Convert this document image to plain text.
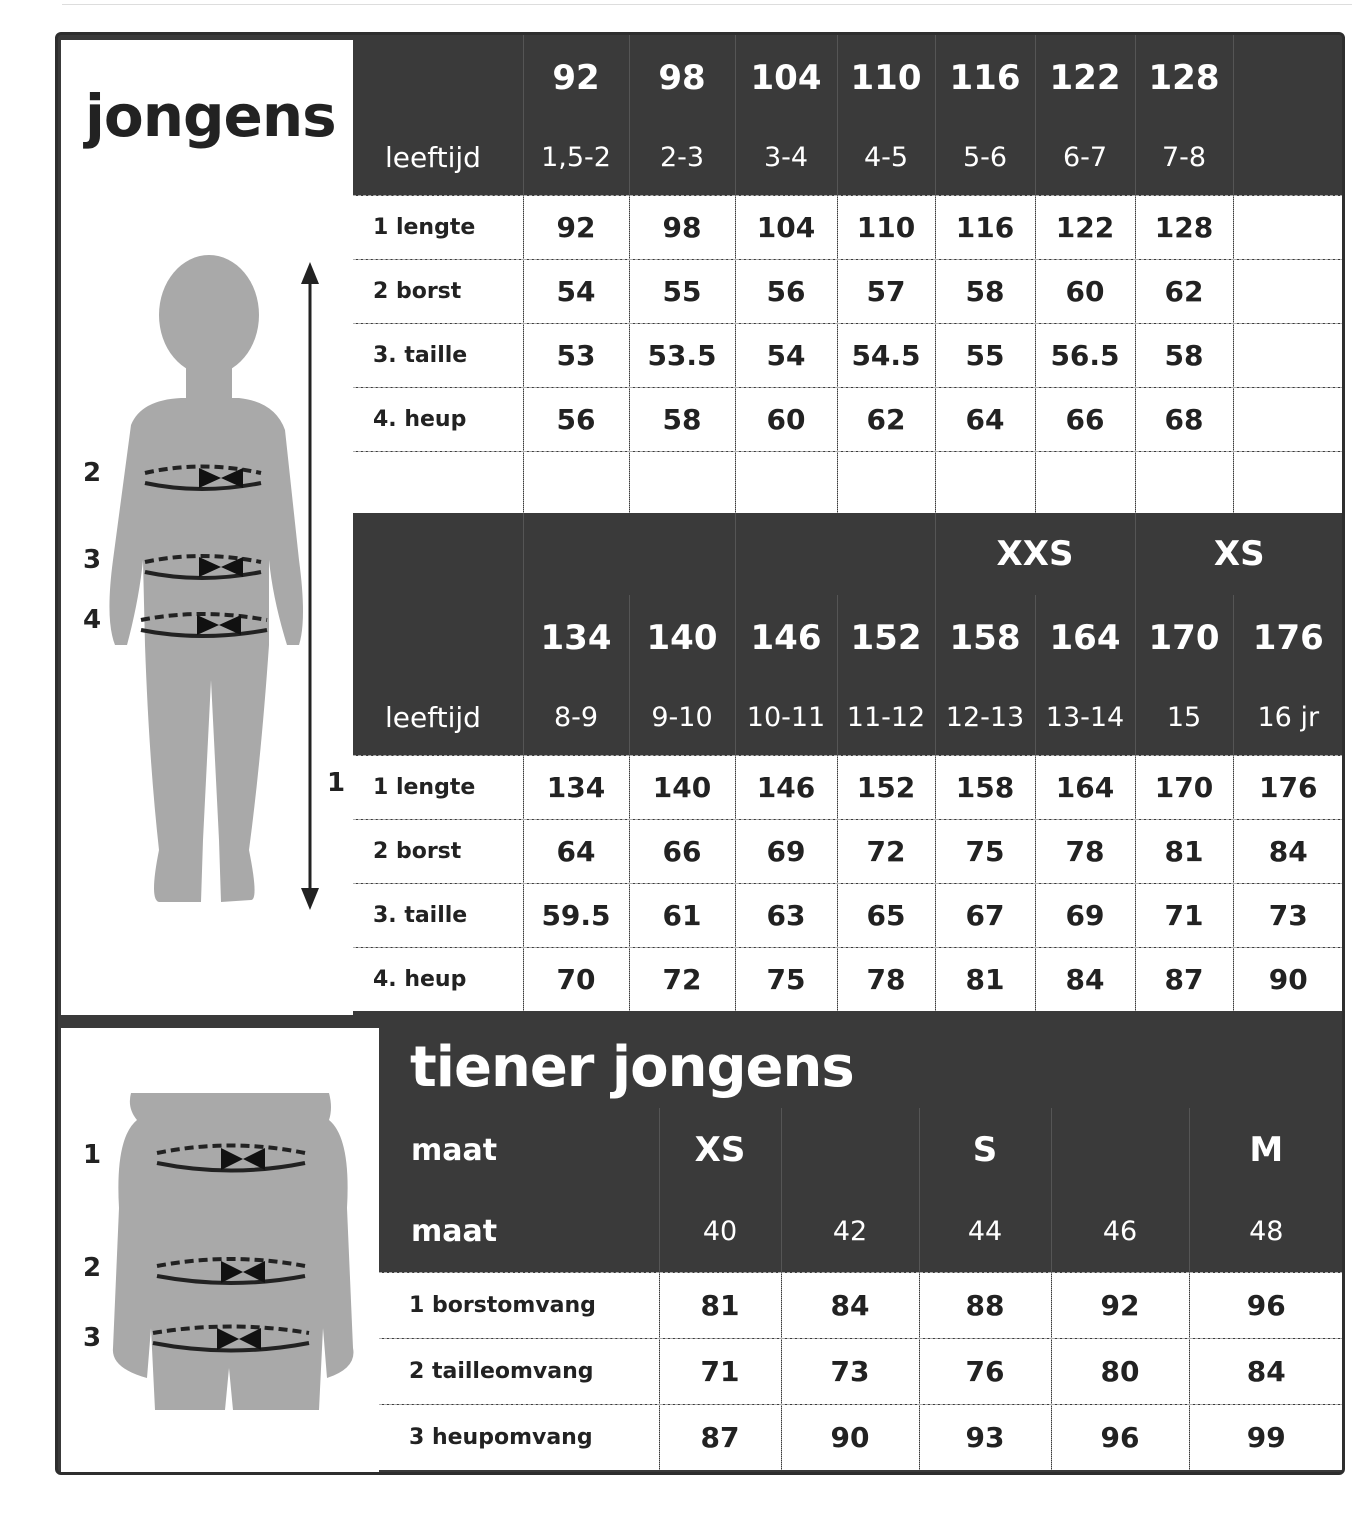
jongens
2
3
4
1
	92	98	104	110	116	122	128	
leeftijd	1,5-2	2-3	3-4	4-5	5-6	6-7	7-8	
1 lengte	92	98	104	110	116	122	128	
2 borst	54	55	56	57	58	60	62	
3. taille	53	53.5	54	54.5	55	56.5	58	
4. heup	56	58	60	62	64	66	68	

					XXS		XS	
	134	140	146	152	158	164	170	176
leeftijd	8-9	9-10	10-11	11-12	12-13	13-14	15	16 jr
1 lengte	134	140	146	152	158	164	170	176
2 borst	64	66	69	72	75	78	81	84
3. taille	59.5	61	63	65	67	69	71	73
4. heup	70	72	75	78	81	84	87	90
1
2
3
tiener jongens
maat	XS		S		M
maat	40	42	44	46	48
1 borstomvang	81	84	88	92	96
2 tailleomvang	71	73	76	80	84
3 heupomvang	87	90	93	96	99
